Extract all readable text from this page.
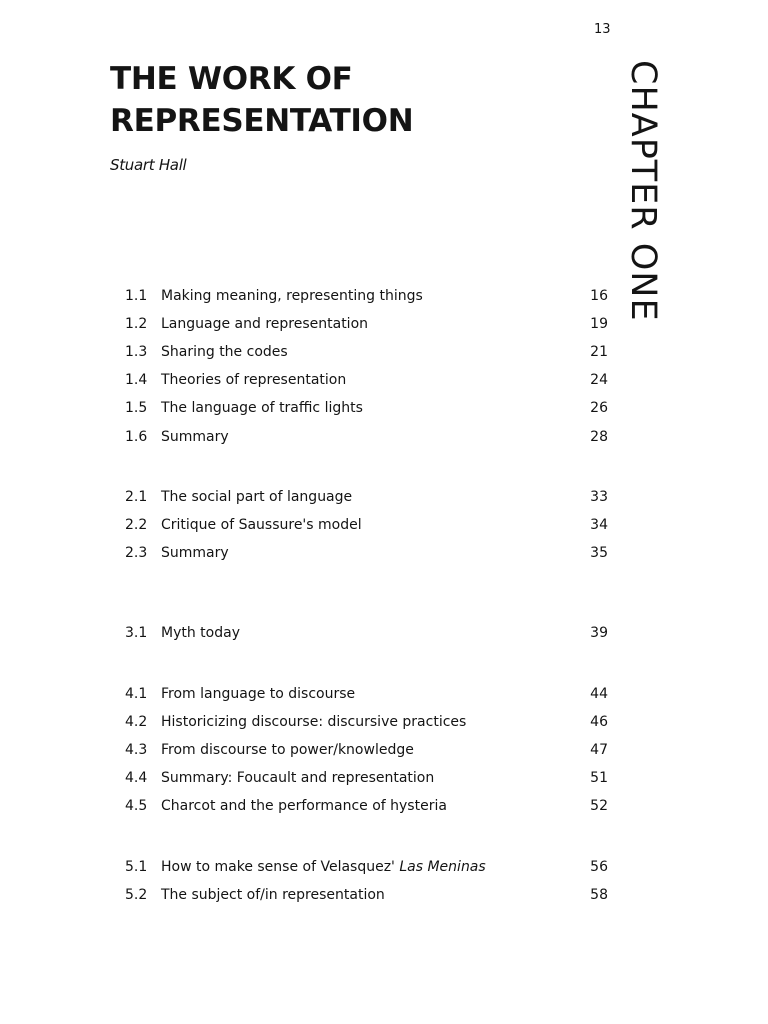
13
CHAPTER ONE
THE WORK OF
REPRESENTATION
Stuart Hall
1.1 Making meaning, representing things	16
1.2 Language and representation	19
1.3 Sharing the codes	21
1.4 Theories of representation	24
1.5 The language of traffic lights	26
1.6 Summary	28
2.1 The social part of language	33
2.2 Critique of Saussure's model	34
2.3 Summary	35
3.1 Myth today	39
4.1 From language to discourse	44
4.2 Historicizing discourse: discursive practices	46
4.3 From discourse to power/knowledge	47
4.4 Summary: Foucault and representation	51
4.5 Charcot and the performance of hysteria	52
5.1 How to make sense of Velasquez' Las Meninas	56
5.2 The subject of/in representation	58
